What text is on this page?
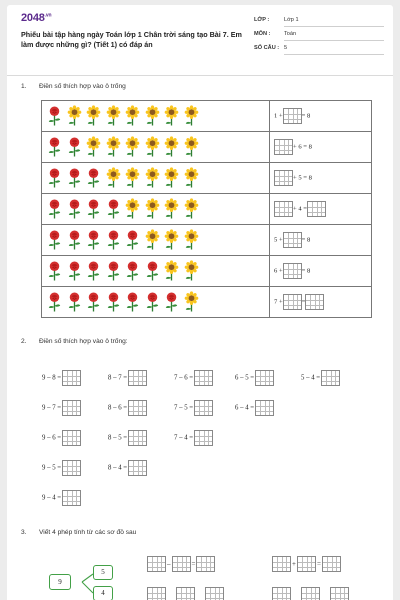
$2048^{.vn}$
Phiếu bài tập hàng ngày Toán lớp 1 Chân trời sáng tạo Bài 7. Em làm được những gì? (Tiết 1) có đáp án
LỚP :	Lớp 1
MÔN : Toán
SỐ CÂU : 5
1. Điền số thích hợp vào ô trống
	1 + = 8
	+ 6 = 8
	+ 5 = 8
	+ 4 =
	5 + = 8
	6 + = 8
	7 + =
2. Điền số thích hợp vào ô trống:
9 – 8 =	8 – 7 =	7 – 6 =	6 – 5 =	5 – 4 =
9 – 7 =	8 – 6 =	7 – 5 =	6 – 4 =
9 – 6 =	8 – 5 =	7 – 4 =
9 – 5 =	8 – 4 =
9 – 4 =
3. Viết 4 phép tính từ các sơ đồ sau
9
5
4
–	=	+	=
